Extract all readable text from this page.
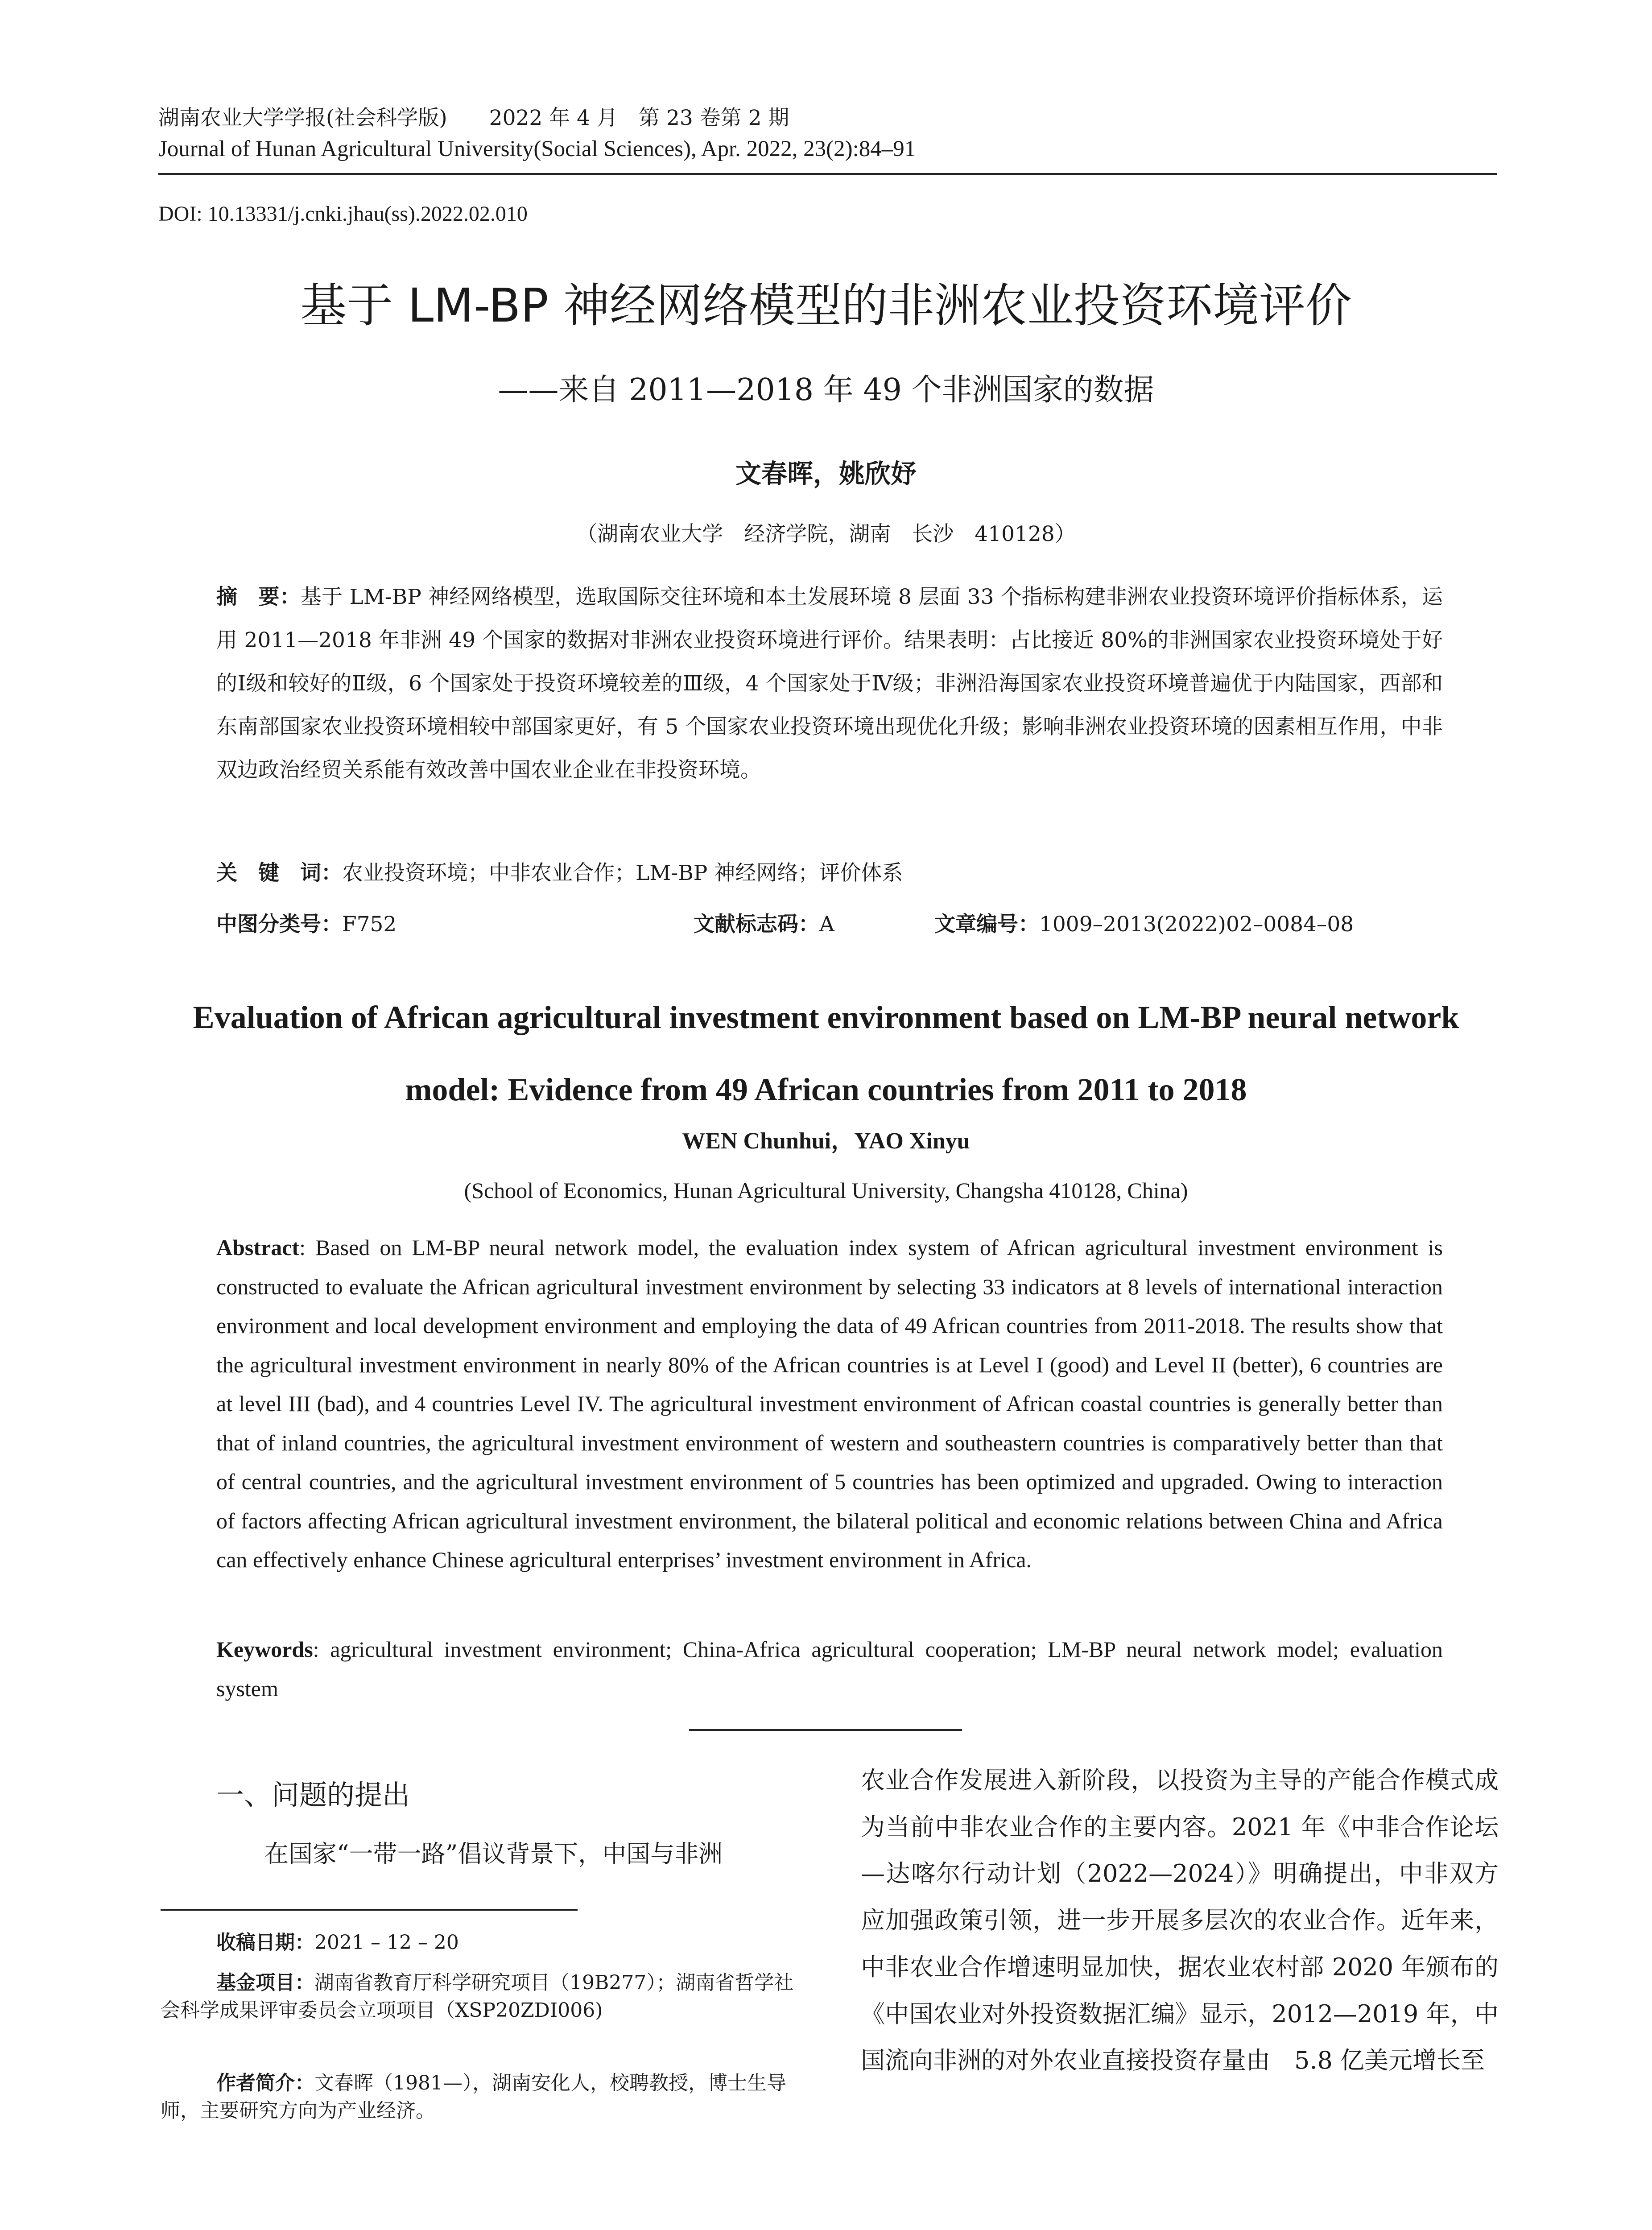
湖南农业大学学报(社会科学版)　　2022 年 4 月　第 23 卷第 2 期
Journal of Hunan Agricultural University(Social Sciences), Apr. 2022, 23(2):84–91
DOI: 10.13331/j.cnki.jhau(ss).2022.02.010
基于 LM-BP 神经网络模型的非洲农业投资环境评价
——来自 2011—2018 年 49 个非洲国家的数据
文春晖，姚欣妤
（湖南农业大学　经济学院，湖南　长沙　410128）
摘　要：基于 LM-BP 神经网络模型，选取国际交往环境和本土发展环境 8 层面 33 个指标构建非洲农业投资环境评价指标体系，运用 2011—2018 年非洲 49 个国家的数据对非洲农业投资环境进行评价。结果表明：占比接近 80%的非洲国家农业投资环境处于好的Ⅰ级和较好的Ⅱ级，6 个国家处于投资环境较差的Ⅲ级，4 个国家处于Ⅳ级；非洲沿海国家农业投资环境普遍优于内陆国家，西部和东南部国家农业投资环境相较中部国家更好，有 5 个国家农业投资环境出现优化升级；影响非洲农业投资环境的因素相互作用，中非双边政治经贸关系能有效改善中国农业企业在非投资环境。
关　键　词：农业投资环境；中非农业合作；LM-BP 神经网络；评价体系
中图分类号：F752	文献标志码：A	文章编号：1009–2013(2022)02–0084–08
Evaluation of African agricultural investment environment based on LM-BP neural network model: Evidence from 49 African countries from 2011 to 2018
WEN Chunhui，YAO Xinyu
(School of Economics, Hunan Agricultural University, Changsha 410128, China)
Abstract: Based on LM-BP neural network model, the evaluation index system of African agricultural investment environment is constructed to evaluate the African agricultural investment environment by selecting 33 indicators at 8 levels of international interaction environment and local development environment and employing the data of 49 African countries from 2011-2018. The results show that the agricultural investment environment in nearly 80% of the African countries is at Level I (good) and Level II (better), 6 countries are at level III (bad), and 4 countries Level IV. The agricultural investment environment of African coastal countries is generally better than that of inland countries, the agricultural investment environment of western and southeastern countries is comparatively better than that of central countries, and the agricultural investment environment of 5 countries has been optimized and upgraded. Owing to interaction of factors affecting African agricultural investment environment, the bilateral political and economic relations between China and Africa can effectively enhance Chinese agricultural enterprises’ investment environment in Africa.
Keywords: agricultural investment environment; China-Africa agricultural cooperation; LM-BP neural network model; evaluation system
一、问题的提出
在国家“一带一路”倡议背景下，中国与非洲
收稿日期：2021 – 12 – 20
基金项目：湖南省教育厅科学研究项目（19B277）；湖南省哲学社会科学成果评审委员会立项项目（XSP20ZDI006)
作者简介：文春晖（1981—），湖南安化人，校聘教授，博士生导师，主要研究方向为产业经济。
农业合作发展进入新阶段，以投资为主导的产能合作模式成为当前中非农业合作的主要内容。2021 年《中非合作论坛—达喀尔行动计划（2022—2024）》明确提出，中非双方应加强政策引领，进一步开展多层次的农业合作。近年来，中非农业合作增速明显加快，据农业农村部 2020 年颁布的《中国农业对外投资数据汇编》显示，2012—2019 年，中国流向非洲的对外农业直接投资存量由　5.8 亿美元增长至
